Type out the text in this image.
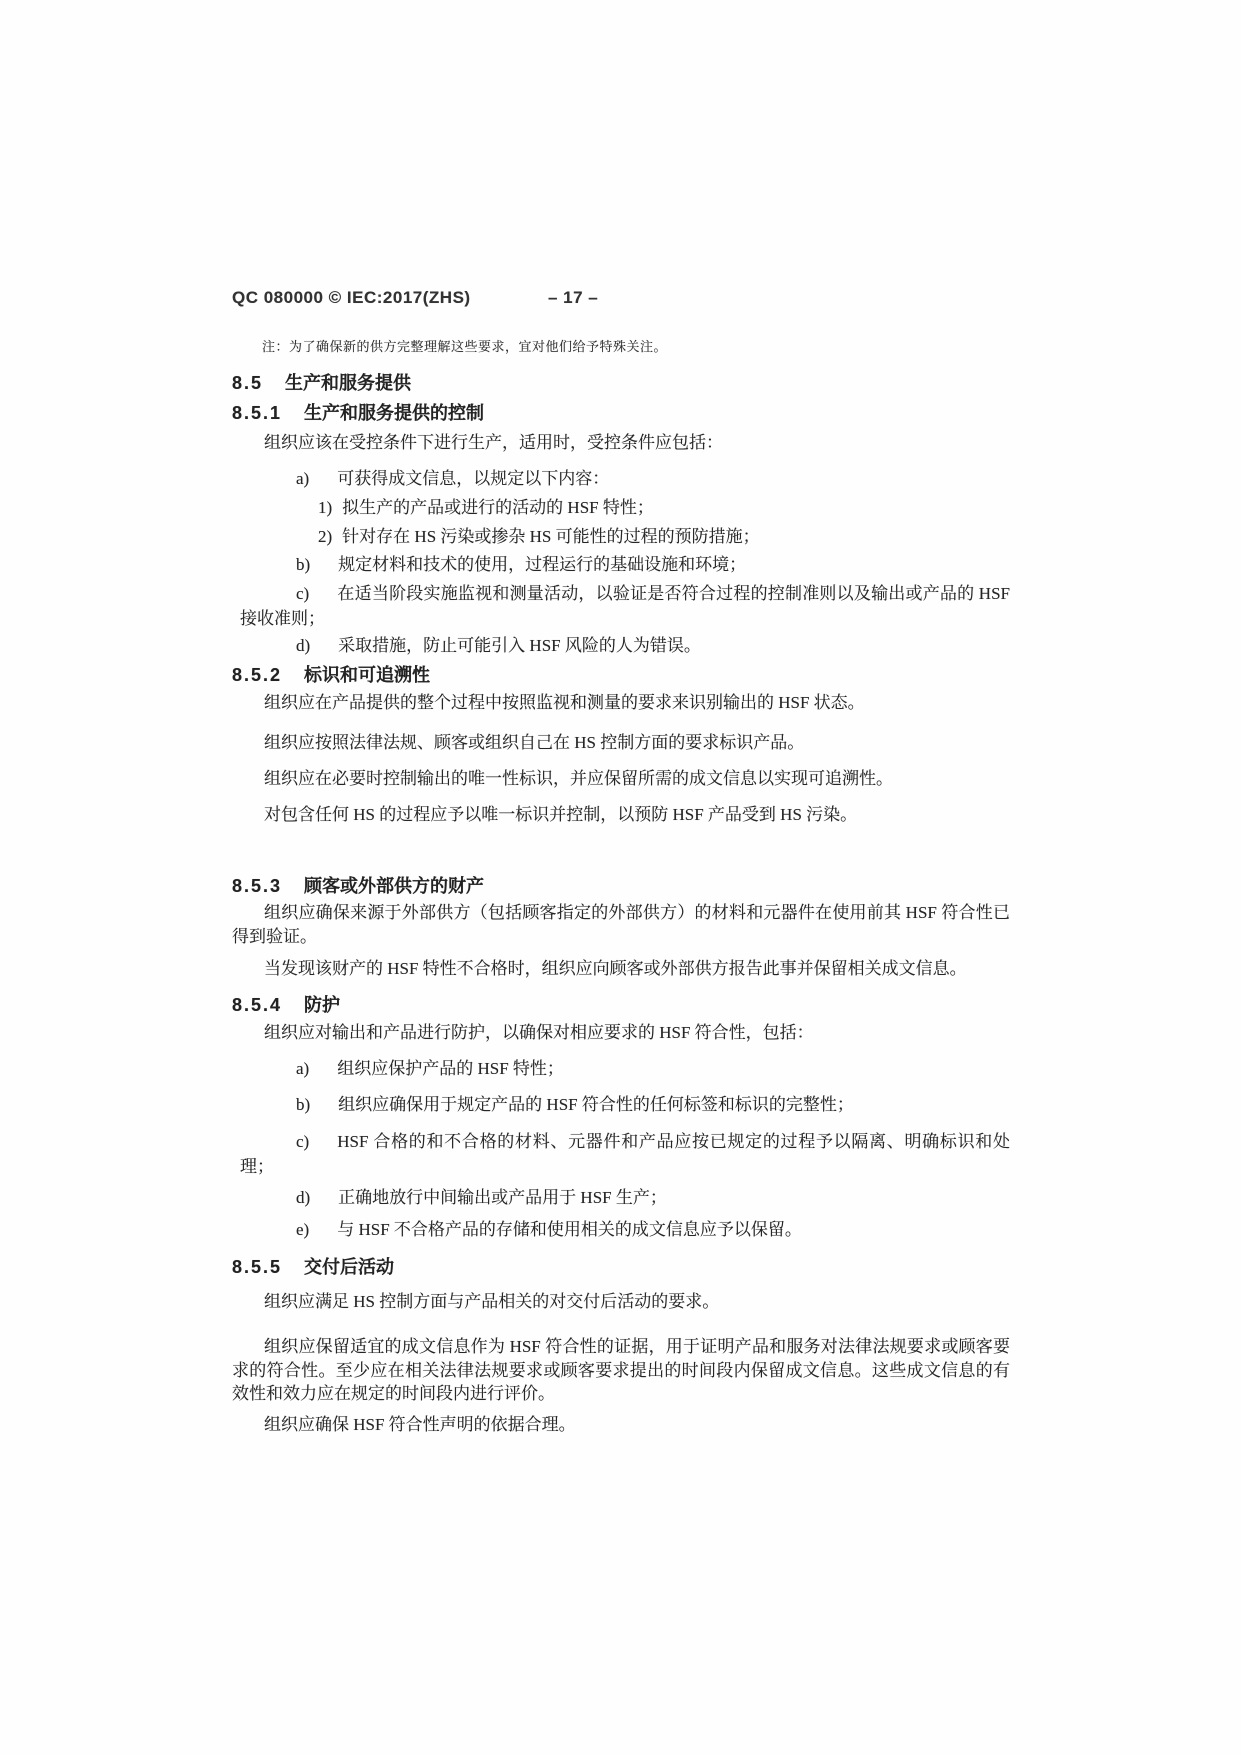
QC 080000 © IEC:2017(ZHS)	– 17 –
注：为了确保新的供方完整理解这些要求，宜对他们给予特殊关注。
8.5 生产和服务提供
8.5.1 生产和服务提供的控制
组织应该在受控条件下进行生产，适用时，受控条件应包括：
a) 可获得成文信息，以规定以下内容：
1) 拟生产的产品或进行的活动的 HSF 特性；
2) 针对存在 HS 污染或掺杂 HS 可能性的过程的预防措施；
b) 规定材料和技术的使用，过程运行的基础设施和环境；
c) 在适当阶段实施监视和测量活动，以验证是否符合过程的控制准则以及输出或产品的 HSF 接收准则；
d) 采取措施，防止可能引入 HSF 风险的人为错误。
8.5.2 标识和可追溯性
组织应在产品提供的整个过程中按照监视和测量的要求来识别输出的 HSF 状态。
组织应按照法律法规、顾客或组织自己在 HS 控制方面的要求标识产品。
组织应在必要时控制输出的唯一性标识，并应保留所需的成文信息以实现可追溯性。
对包含任何 HS 的过程应予以唯一标识并控制，以预防 HSF 产品受到 HS 污染。
8.5.3 顾客或外部供方的财产
组织应确保来源于外部供方（包括顾客指定的外部供方）的材料和元器件在使用前其 HSF 符合性已得到验证。
当发现该财产的 HSF 特性不合格时，组织应向顾客或外部供方报告此事并保留相关成文信息。
8.5.4 防护
组织应对输出和产品进行防护，以确保对相应要求的 HSF 符合性，包括：
a) 组织应保护产品的 HSF 特性；
b) 组织应确保用于规定产品的 HSF 符合性的任何标签和标识的完整性；
c) HSF 合格的和不合格的材料、元器件和产品应按已规定的过程予以隔离、明确标识和处理；
d) 正确地放行中间输出或产品用于 HSF 生产；
e) 与 HSF 不合格产品的存储和使用相关的成文信息应予以保留。
8.5.5 交付后活动
组织应满足 HS 控制方面与产品相关的对交付后活动的要求。
组织应保留适宜的成文信息作为 HSF 符合性的证据，用于证明产品和服务对法律法规要求或顾客要求的符合性。至少应在相关法律法规要求或顾客要求提出的时间段内保留成文信息。这些成文信息的有效性和效力应在规定的时间段内进行评价。
组织应确保 HSF 符合性声明的依据合理。
